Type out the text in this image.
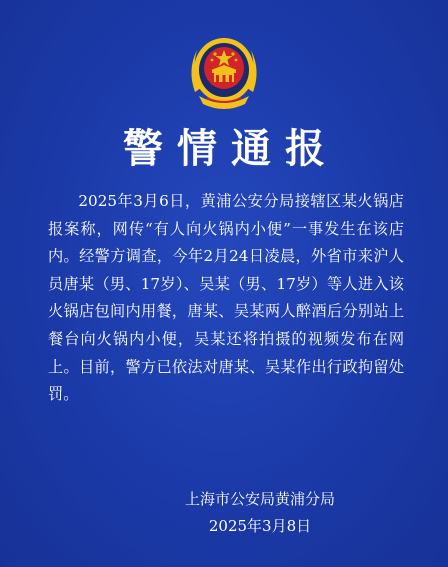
警情通报
2025年3月6日，黄浦公安分局接辖区某火锅店报案称，网传“有人向火锅内小便”一事发生在该店内。经警方调查，今年2月24日凌晨，外省市来沪人员唐某（男、17岁）、吴某（男、17岁）等人进入该火锅店包间内用餐，唐某、吴某两人醉酒后分别站上餐台向火锅内小便，吴某还将拍摄的视频发布在网上。目前，警方已依法对唐某、吴某作出行政拘留处罚。
上海市公安局黄浦分局
2025年3月8日
